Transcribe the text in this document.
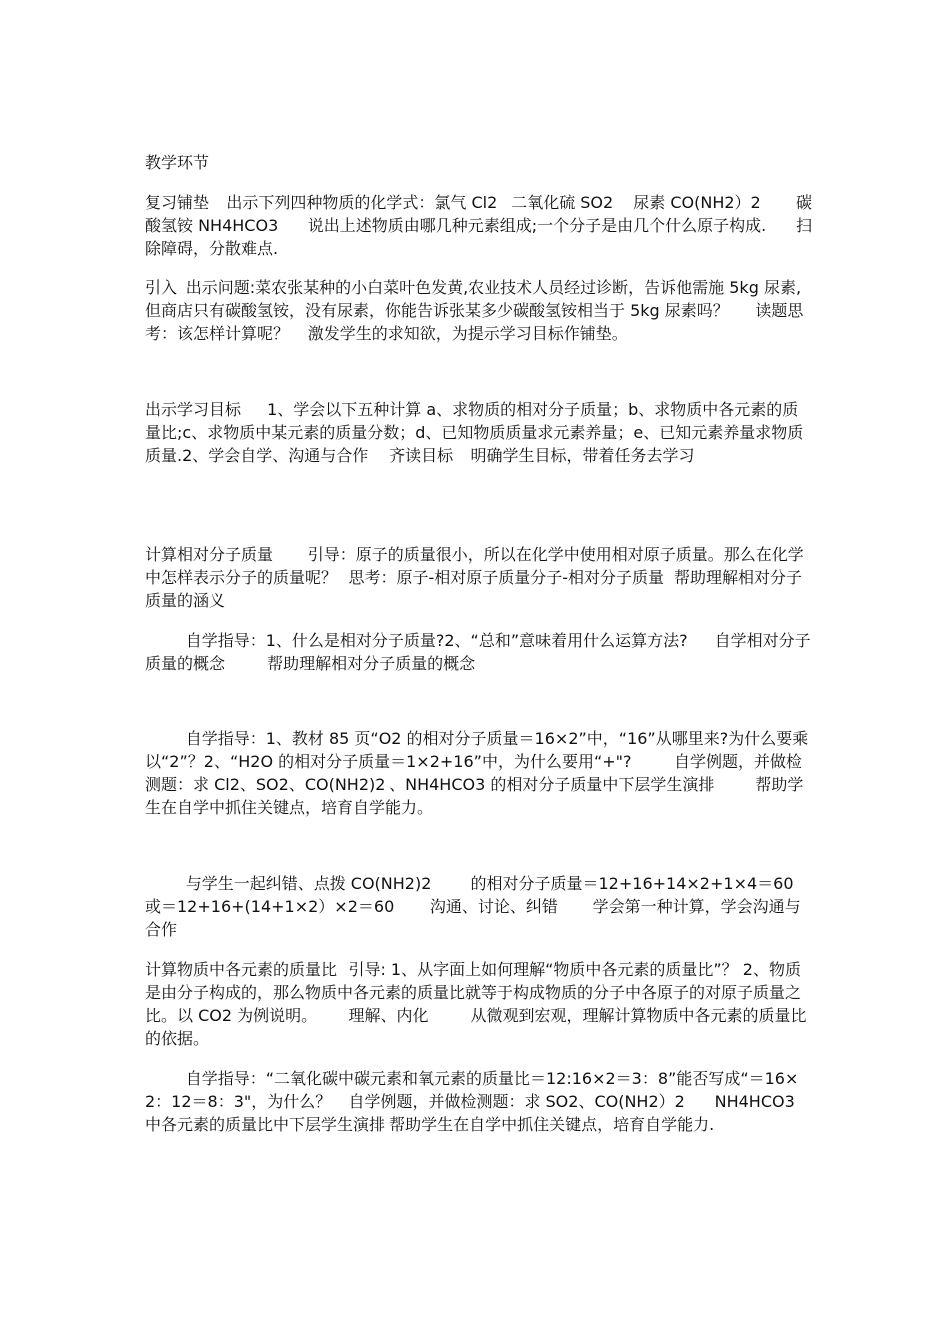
教学环节
复习铺垫	出示下列四种物质的化学式：氯气 Cl2	二氧化硫 SO2	尿素 CO(NH2）2	碳酸氢铵 NH4HCO3	说出上述物质由哪几种元素组成;一个分子是由几个什么原子构成.	扫除障碍，分散难点.
引入	出示问题:菜农张某种的小白菜叶色发黄,农业技术人员经过诊断，告诉他需施 5kg 尿素,但商店只有碳酸氢铵，没有尿素，你能告诉张某多少碳酸氢铵相当于 5kg 尿素吗？	读题思考：该怎样计算呢？	激发学生的求知欲，为提示学习目标作铺垫。
出示学习目标	1、学会以下五种计算 a、求物质的相对分子质量；b、求物质中各元素的质量比;c、求物质中某元素的质量分数；d、已知物质质量求元素养量；e、已知元素养量求物质质量.2、学会自学、沟通与合作	齐读目标	明确学生目标，带着任务去学习
计算相对分子质量	引导：原子的质量很小，所以在化学中使用相对原子质量。那么在化学中怎样表示分子的质量呢？	思考：原子-相对原子质量分子-相对分子质量	帮助理解相对分子质量的涵义
	自学指导：1、什么是相对分子质量?2、“总和”意味着用什么运算方法?	自学相对分子质量的概念	帮助理解相对分子质量的概念
	自学指导：1、教材 85 页“O2 的相对分子质量＝16×2”中，“16”从哪里来?为什么要乘以“2”？2、“H2O 的相对分子质量＝1×2+16”中，为什么要用“+"?	自学例题，并做检测题：求 Cl2、SO2、CO(NH2)2	、NH4HCO3 的相对分子质量中下层学生演排	帮助学生在自学中抓住关键点，培育自学能力。
	与学生一起纠错、点拨 CO(NH2)2	的相对分子质量＝12+16+14×2+1×4＝60 或＝12+16+(14+1×2）×2＝60	沟通、讨论、纠错	学会第一种计算，学会沟通与合作
计算物质中各元素的质量比	引导: 1、从字面上如何理解“物质中各元素的质量比”？ 2、物质是由分子构成的，那么物质中各元素的质量比就等于构成物质的分子中各原子的对原子质量之比。以 CO2 为例说明。	理解、内化	从微观到宏观，理解计算物质中各元素的质量比的依据。
	自学指导：“二氧化碳中碳元素和氧元素的质量比＝12:16×2＝3：8”能否写成“＝16×2：12＝8：3"，为什么？	自学例题，并做检测题：求 SO2、CO(NH2）2	NH4HCO3 中各元素的质量比中下层学生演排	帮助学生在自学中抓住关键点，培育自学能力.
